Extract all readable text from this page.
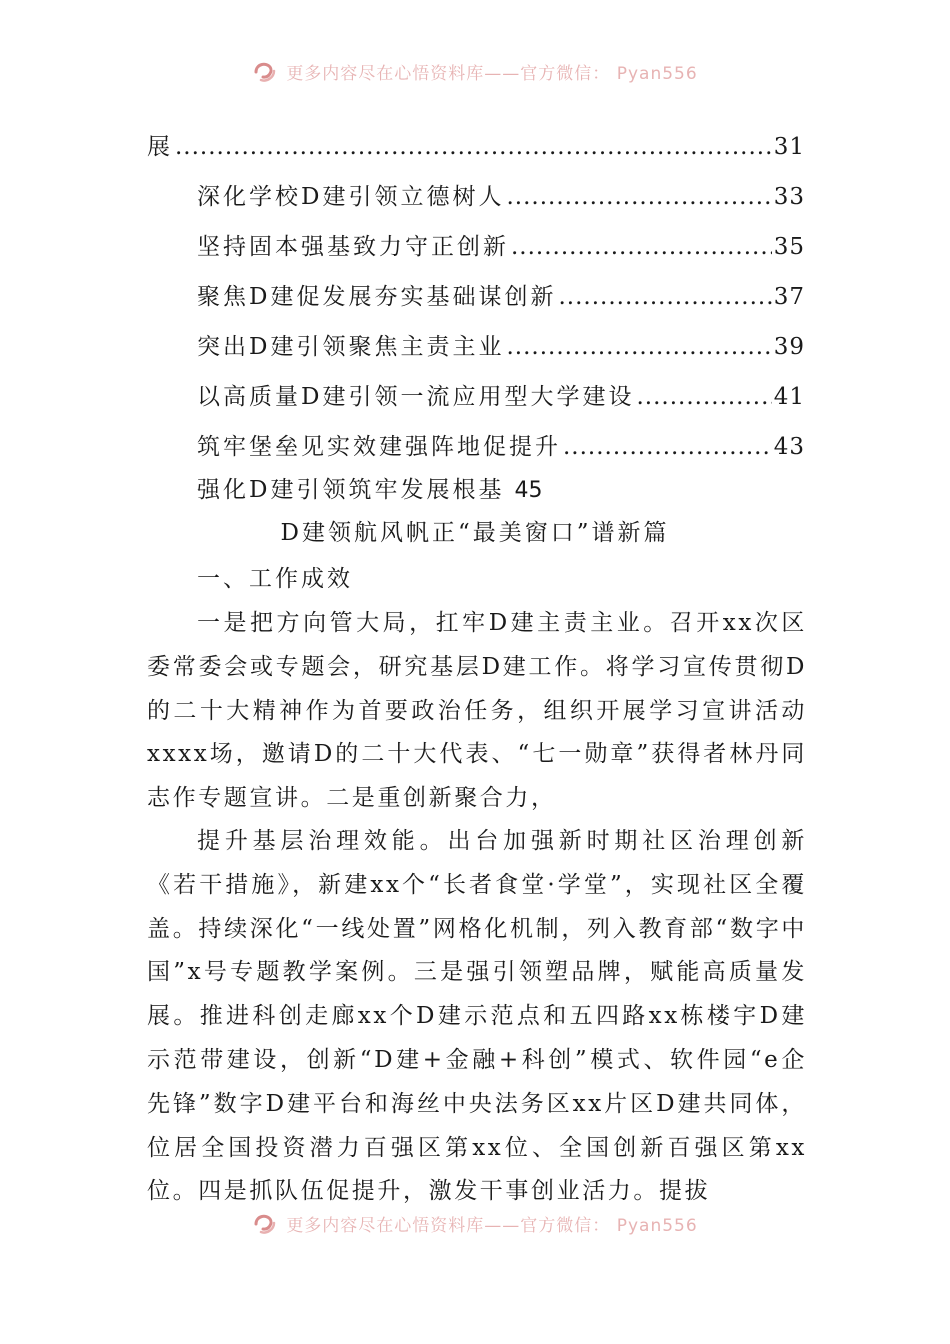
更多内容尽在心悟资料库——官方微信： Pyan556
展 .....	31
深化学校D建引领立德树人 .....	33
坚持固本强基致力守正创新 .....	35
聚焦D建促发展夯实基础谋创新 .....	37
突出D建引领聚焦主责主业 .....	39
以高质量D建引领一流应用型大学建设 .....	41
筑牢堡垒见实效建强阵地促提升 .....	43
强化D建引领筑牢发展根基 45
D建领航风帆正“最美窗口”谱新篇
一、工作成效
一是把方向管大局，扛牢D建主责主业。召开xx次区委常委会或专题会，研究基层D建工作。将学习宣传贯彻D的二十大精神作为首要政治任务，组织开展学习宣讲活动xxxx场，邀请D的二十大代表、“七一勋章”获得者林丹同志作专题宣讲。二是重创新聚合力，
提升基层治理效能。出台加强新时期社区治理创新《若干措施》，新建xx个“长者食堂·学堂”，实现社区全覆盖。持续深化“一线处置”网格化机制，列入教育部“数字中国”x号专题教学案例。三是强引领塑品牌，赋能高质量发展。推进科创走廊xx个D建示范点和五四路xx栋楼宇D建示范带建设，创新“D建+金融+科创”模式、软件园“e企先锋”数字D建平台和海丝中央法务区xx片区D建共同体，位居全国投资潜力百强区第xx位、全国创新百强区第xx位。四是抓队伍促提升，激发干事创业活力。提拔
更多内容尽在心悟资料库——官方微信： Pyan556
